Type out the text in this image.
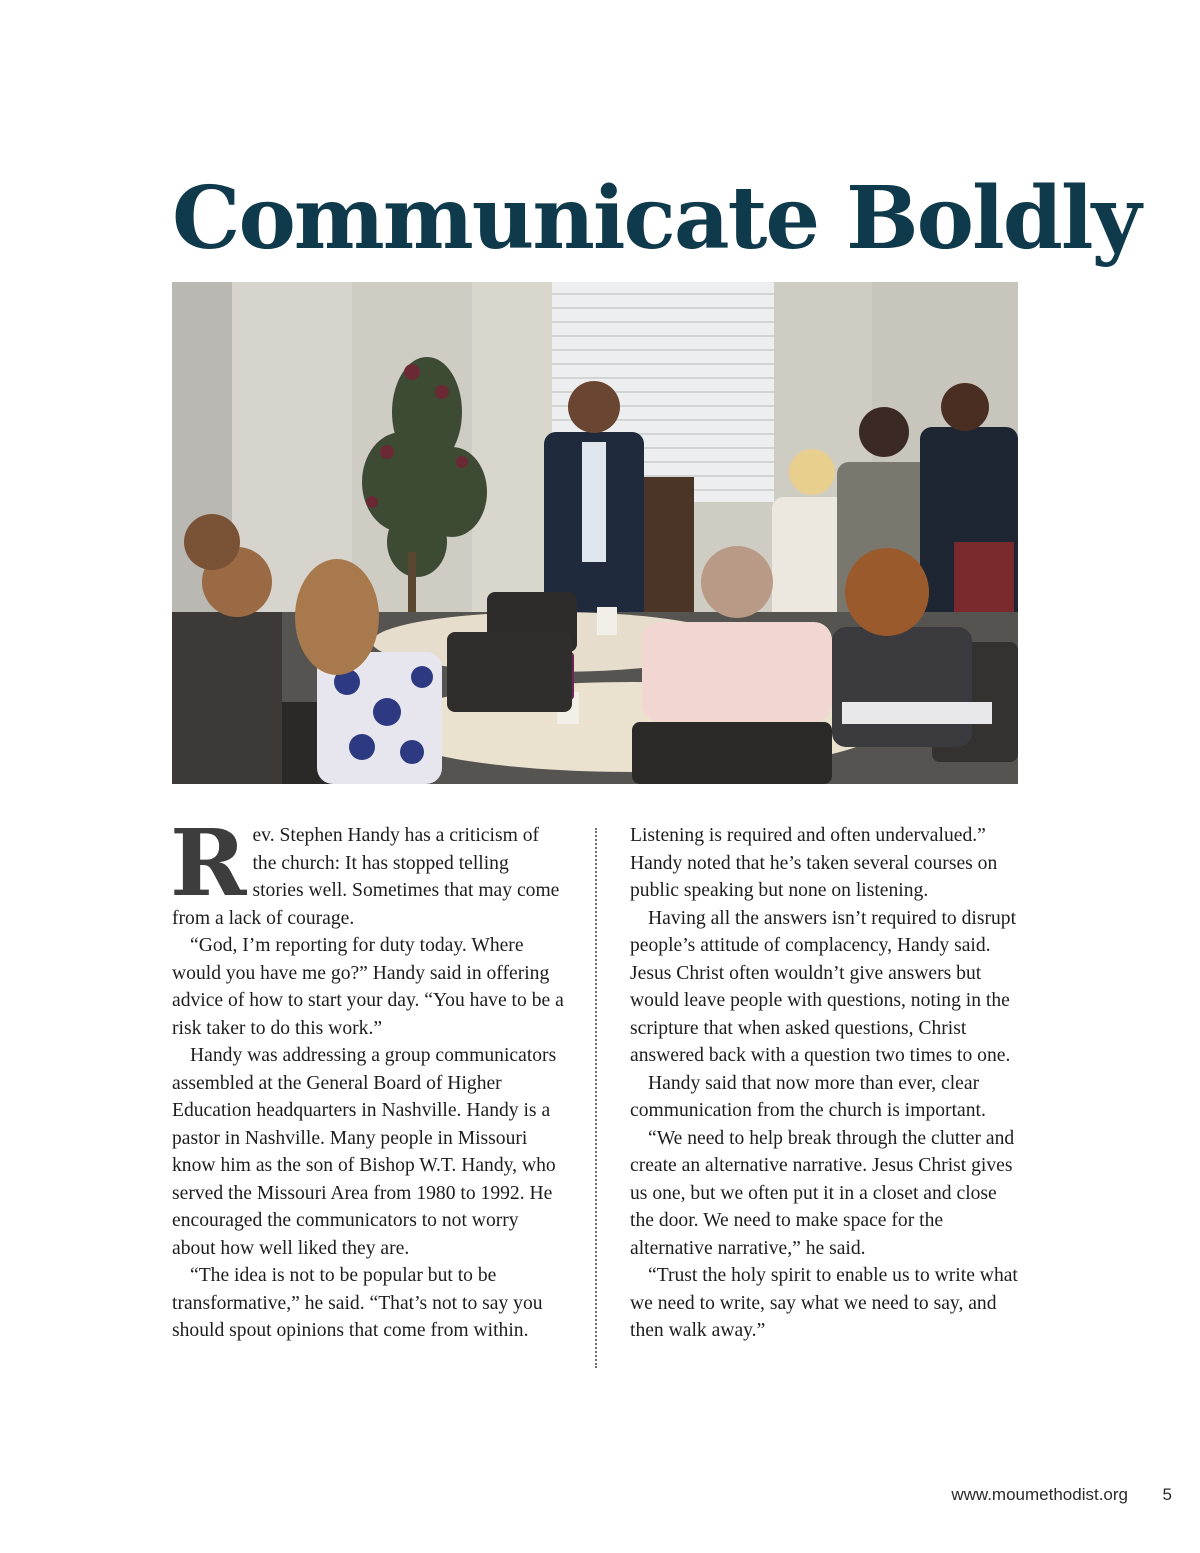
Communicate Boldly

Rev. Stephen Handy has a criticism of the church: It has stopped telling stories well. Sometimes that may come from a lack of courage.

“God, I’m reporting for duty today. Where would you have me go?” Handy said in offering advice of how to start your day. “You have to be a risk taker to do this work.”

Handy was addressing a group communicators assembled at the General Board of Higher Education headquarters in Nashville. Handy is a pastor in Nashville. Many people in Missouri know him as the son of Bishop W.T. Handy, who served the Missouri Area from 1980 to 1992. He encouraged the communicators to not worry about how well liked they are.

“The idea is not to be popular but to be transformative,” he said. “That’s not to say you should spout opinions that come from within.

Listening is required and often undervalued.” Handy noted that he’s taken several courses on public speaking but none on listening.

Having all the answers isn’t required to disrupt people’s attitude of complacency, Handy said. Jesus Christ often wouldn’t give answers but would leave people with questions, noting in the scripture that when asked questions, Christ answered back with a question two times to one.

Handy said that now more than ever, clear communication from the church is important.

“We need to help break through the clutter and create an alternative narrative. Jesus Christ gives us one, but we often put it in a closet and close the door. We need to make space for the alternative narrative,” he said.

“Trust the holy spirit to enable us to write what we need to write, say what we need to say, and then walk away.”

www.moumethodist.org 5
